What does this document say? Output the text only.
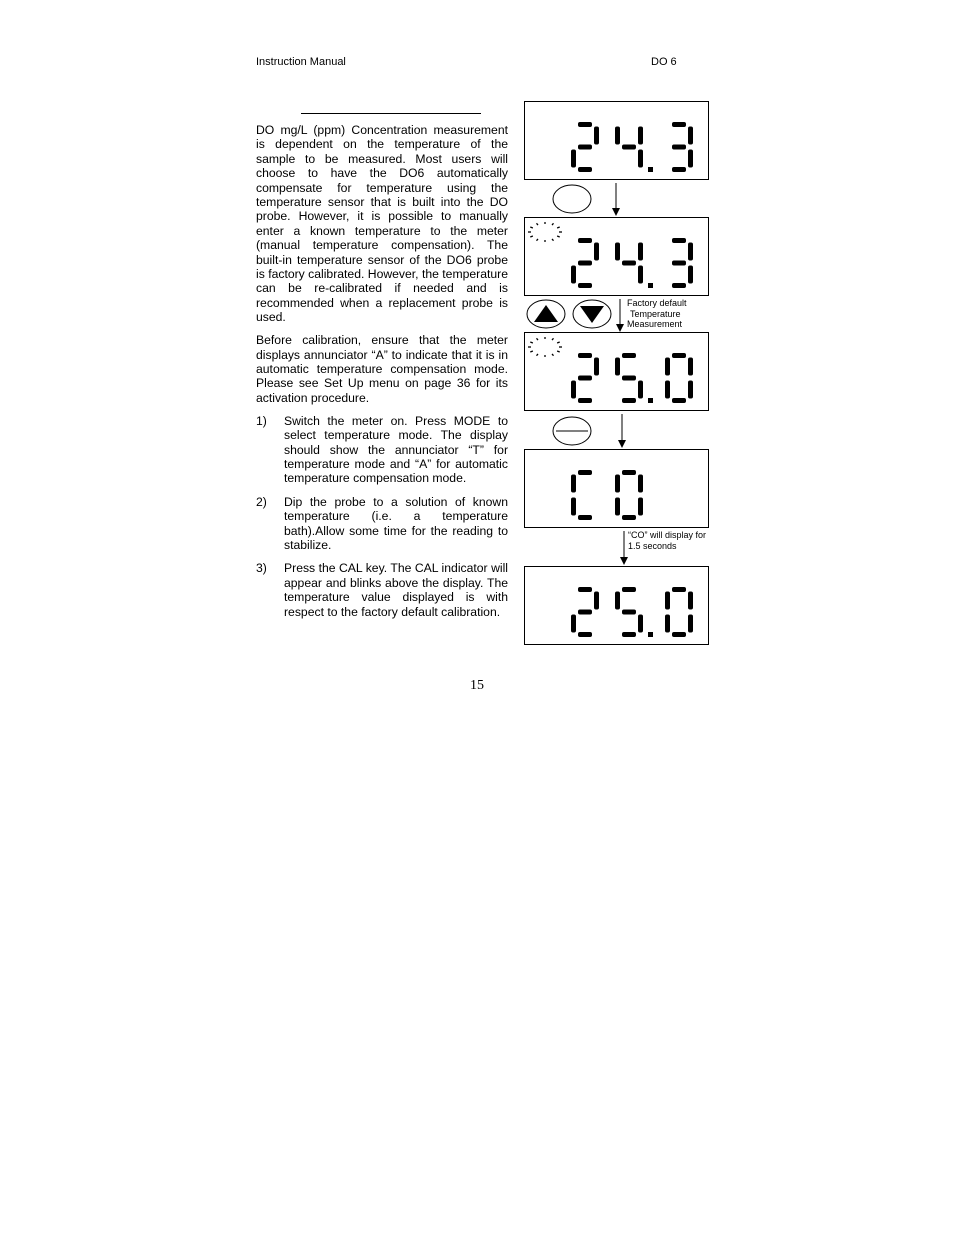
Instruction Manual	DO 6

DO mg/L (ppm) Concentration measurement is dependent on the temperature of the sample to be measured. Most users will choose to have the DO6 automatically compensate for temperature using the temperature sensor that is built into the DO probe. However, it is possible to manually enter a known temperature to the meter (manual temperature compensation). The built-in temperature sensor of the DO6 probe is factory calibrated. However, the temperature can be re-calibrated if needed and is recommended when a replacement probe is used.

Before calibration, ensure that the meter displays annunciator “A” to indicate that it is in automatic temperature compensation mode. Please see Set Up menu on page 36 for its activation procedure.

1)	Switch the meter on. Press MODE to select temperature mode. The display should show the annunciator “T” for temperature mode and “A” for automatic temperature compensation mode.
2)	Dip the probe to a solution of known temperature (i.e. a temperature bath).Allow some time for the reading to stabilize.
3)	Press the CAL key. The CAL indicator will appear and blinks above the display. The temperature value displayed is with respect to the factory default calibration.
Factory default
Temperature
Measurement
“CO” will display for
1.5 seconds
15
